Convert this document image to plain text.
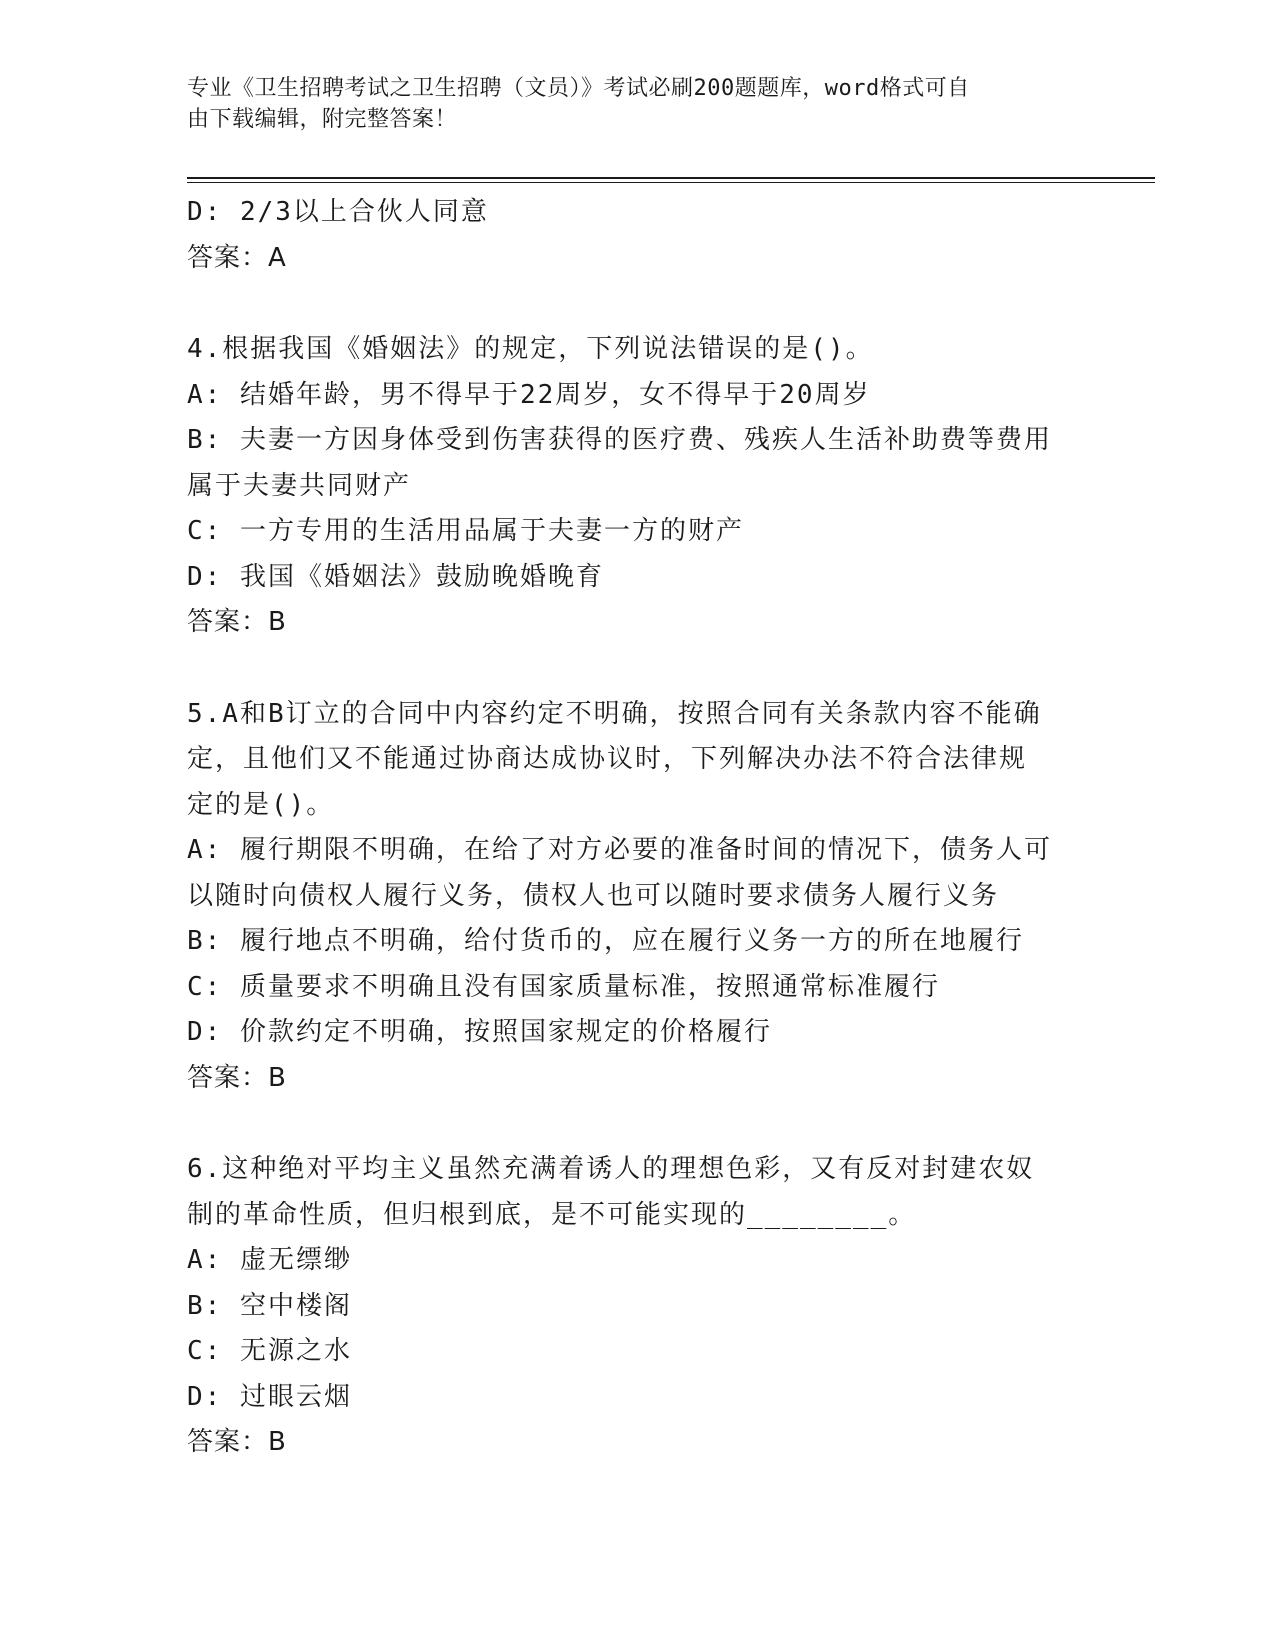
专业《卫生招聘考试之卫生招聘（文员）》考试必刷200题题库，word格式可自
由下载编辑，附完整答案！
D: 2/3以上合伙人同意
答案：A
4.根据我国《婚姻法》的规定，下列说法错误的是()。
A: 结婚年龄，男不得早于22周岁，女不得早于20周岁
B: 夫妻一方因身体受到伤害获得的医疗费、残疾人生活补助费等费用
属于夫妻共同财产
C: 一方专用的生活用品属于夫妻一方的财产
D: 我国《婚姻法》鼓励晚婚晚育
答案：B
5.A和B订立的合同中内容约定不明确，按照合同有关条款内容不能确
定，且他们又不能通过协商达成协议时，下列解决办法不符合法律规
定的是()。
A: 履行期限不明确，在给了对方必要的准备时间的情况下，债务人可
以随时向债权人履行义务，债权人也可以随时要求债务人履行义务
B: 履行地点不明确，给付货币的，应在履行义务一方的所在地履行
C: 质量要求不明确且没有国家质量标准，按照通常标准履行
D: 价款约定不明确，按照国家规定的价格履行
答案：B
6.这种绝对平均主义虽然充满着诱人的理想色彩，又有反对封建农奴
制的革命性质，但归根到底，是不可能实现的________。
A: 虚无缥缈
B: 空中楼阁
C: 无源之水
D: 过眼云烟
答案：B
